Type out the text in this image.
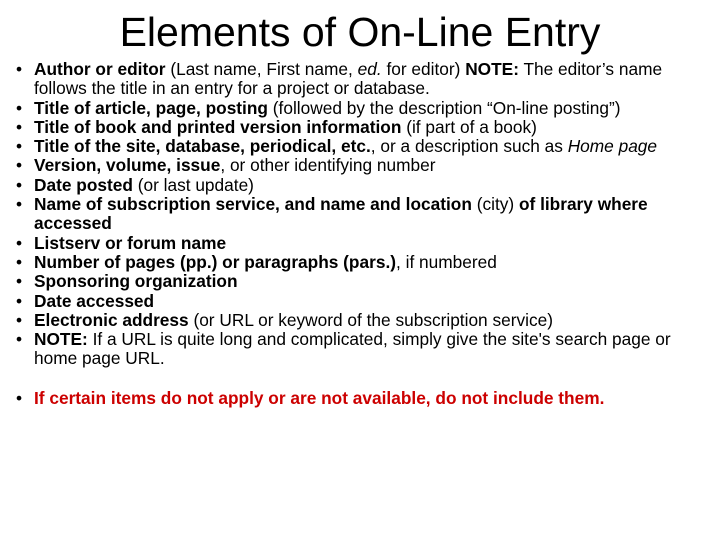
Elements of On-Line Entry
• Author or editor (Last name, First name, ed. for editor) NOTE: The editor’s name follows the title in an entry for a project or database.
• Title of article, page, posting (followed by the description “On-line posting”)
• Title of book and printed version information (if part of a book)
• Title of the site, database, periodical, etc., or a description such as Home page
• Version, volume, issue, or other identifying number
• Date posted (or last update)
• Name of subscription service, and name and location (city) of library where accessed
• Listserv or forum name
• Number of pages (pp.) or paragraphs (pars.), if numbered
• Sponsoring organization
• Date accessed
• Electronic address (or URL or keyword of the subscription service)
• NOTE: If a URL is quite long and complicated, simply give the site's search page or home page URL.
• If certain items do not apply or are not available, do not include them.
